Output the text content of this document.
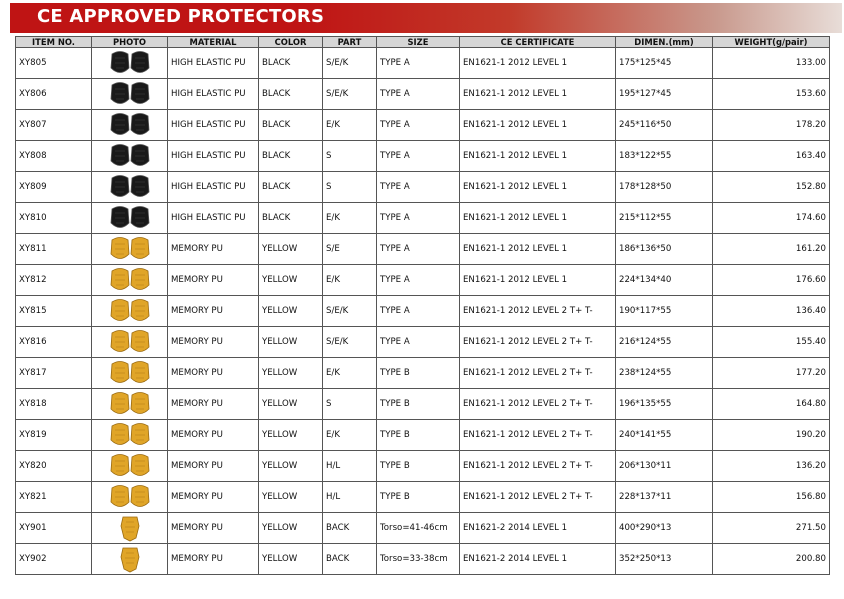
CE APPROVED PROTECTORS
ITEM NO.	PHOTO	MATERIAL	COLOR	PART	SIZE	CE CERTIFICATE	DIMEN.(mm)	WEIGHT(g/pair)
XY805		HIGH ELASTIC PU	BLACK	S/E/K	TYPE A	EN1621-1 2012 LEVEL 1	175*125*45	133.00
XY806		HIGH ELASTIC PU	BLACK	S/E/K	TYPE A	EN1621-1 2012 LEVEL 1	195*127*45	153.60
XY807		HIGH ELASTIC PU	BLACK	E/K	TYPE A	EN1621-1 2012 LEVEL 1	245*116*50	178.20
XY808		HIGH ELASTIC PU	BLACK	S	TYPE A	EN1621-1 2012 LEVEL 1	183*122*55	163.40
XY809		HIGH ELASTIC PU	BLACK	S	TYPE A	EN1621-1 2012 LEVEL 1	178*128*50	152.80
XY810		HIGH ELASTIC PU	BLACK	E/K	TYPE A	EN1621-1 2012 LEVEL 1	215*112*55	174.60
XY811		MEMORY PU	YELLOW	S/E	TYPE A	EN1621-1 2012 LEVEL 1	186*136*50	161.20
XY812		MEMORY PU	YELLOW	E/K	TYPE A	EN1621-1 2012 LEVEL 1	224*134*40	176.60
XY815		MEMORY PU	YELLOW	S/E/K	TYPE A	EN1621-1 2012 LEVEL 2 T+ T-	190*117*55	136.40
XY816		MEMORY PU	YELLOW	S/E/K	TYPE A	EN1621-1 2012 LEVEL 2 T+ T-	216*124*55	155.40
XY817		MEMORY PU	YELLOW	E/K	TYPE B	EN1621-1 2012 LEVEL 2 T+ T-	238*124*55	177.20
XY818		MEMORY PU	YELLOW	S	TYPE B	EN1621-1 2012 LEVEL 2 T+ T-	196*135*55	164.80
XY819		MEMORY PU	YELLOW	E/K	TYPE B	EN1621-1 2012 LEVEL 2 T+ T-	240*141*55	190.20
XY820		MEMORY PU	YELLOW	H/L	TYPE B	EN1621-1 2012 LEVEL 2 T+ T-	206*130*11	136.20
XY821		MEMORY PU	YELLOW	H/L	TYPE B	EN1621-1 2012 LEVEL 2 T+ T-	228*137*11	156.80
XY901		MEMORY PU	YELLOW	BACK	Torso=41-46cm	EN1621-2 2014 LEVEL 1	400*290*13	271.50
XY902		MEMORY PU	YELLOW	BACK	Torso=33-38cm	EN1621-2 2014 LEVEL 1	352*250*13	200.80
